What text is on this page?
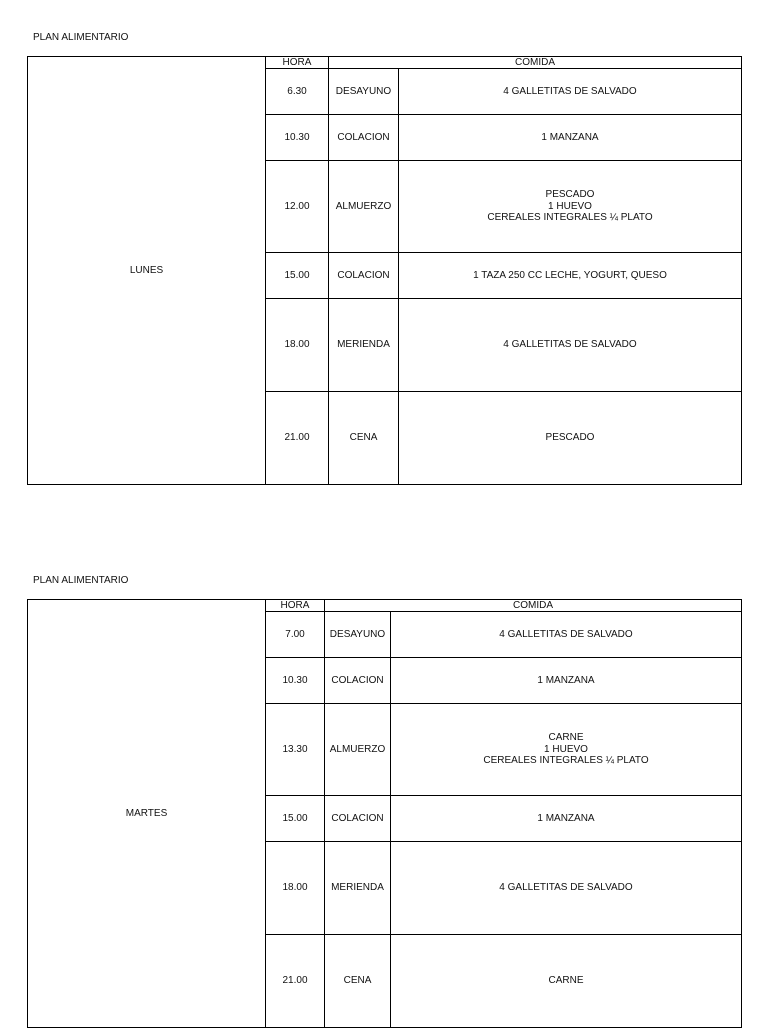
PLAN ALIMENTARIO
LUNES	HORA	COMIDA	
	6.30	DESAYUNO	4 GALLETITAS DE SALVADO

	10.30	COLACION	1 MANZANA

	12.00	ALMUERZO	PESCADO
1 HUEVO
CEREALES INTEGRALES ¼ PLATO

	15.00	COLACION	1 TAZA 250 CC LECHE, YOGURT, QUESO

	18.00	MERIENDA	4 GALLETITAS DE SALVADO

	21.00	CENA	PESCADO
PLAN ALIMENTARIO
MARTES	HORA	COMIDA	
	7.00	DESAYUNO	4 GALLETITAS DE SALVADO

	10.30	COLACION	1 MANZANA

	13.30	ALMUERZO	CARNE
1 HUEVO
CEREALES INTEGRALES ¼ PLATO

	15.00	COLACION	1 MANZANA

	18.00	MERIENDA	4 GALLETITAS DE SALVADO

	21.00	CENA	CARNE
